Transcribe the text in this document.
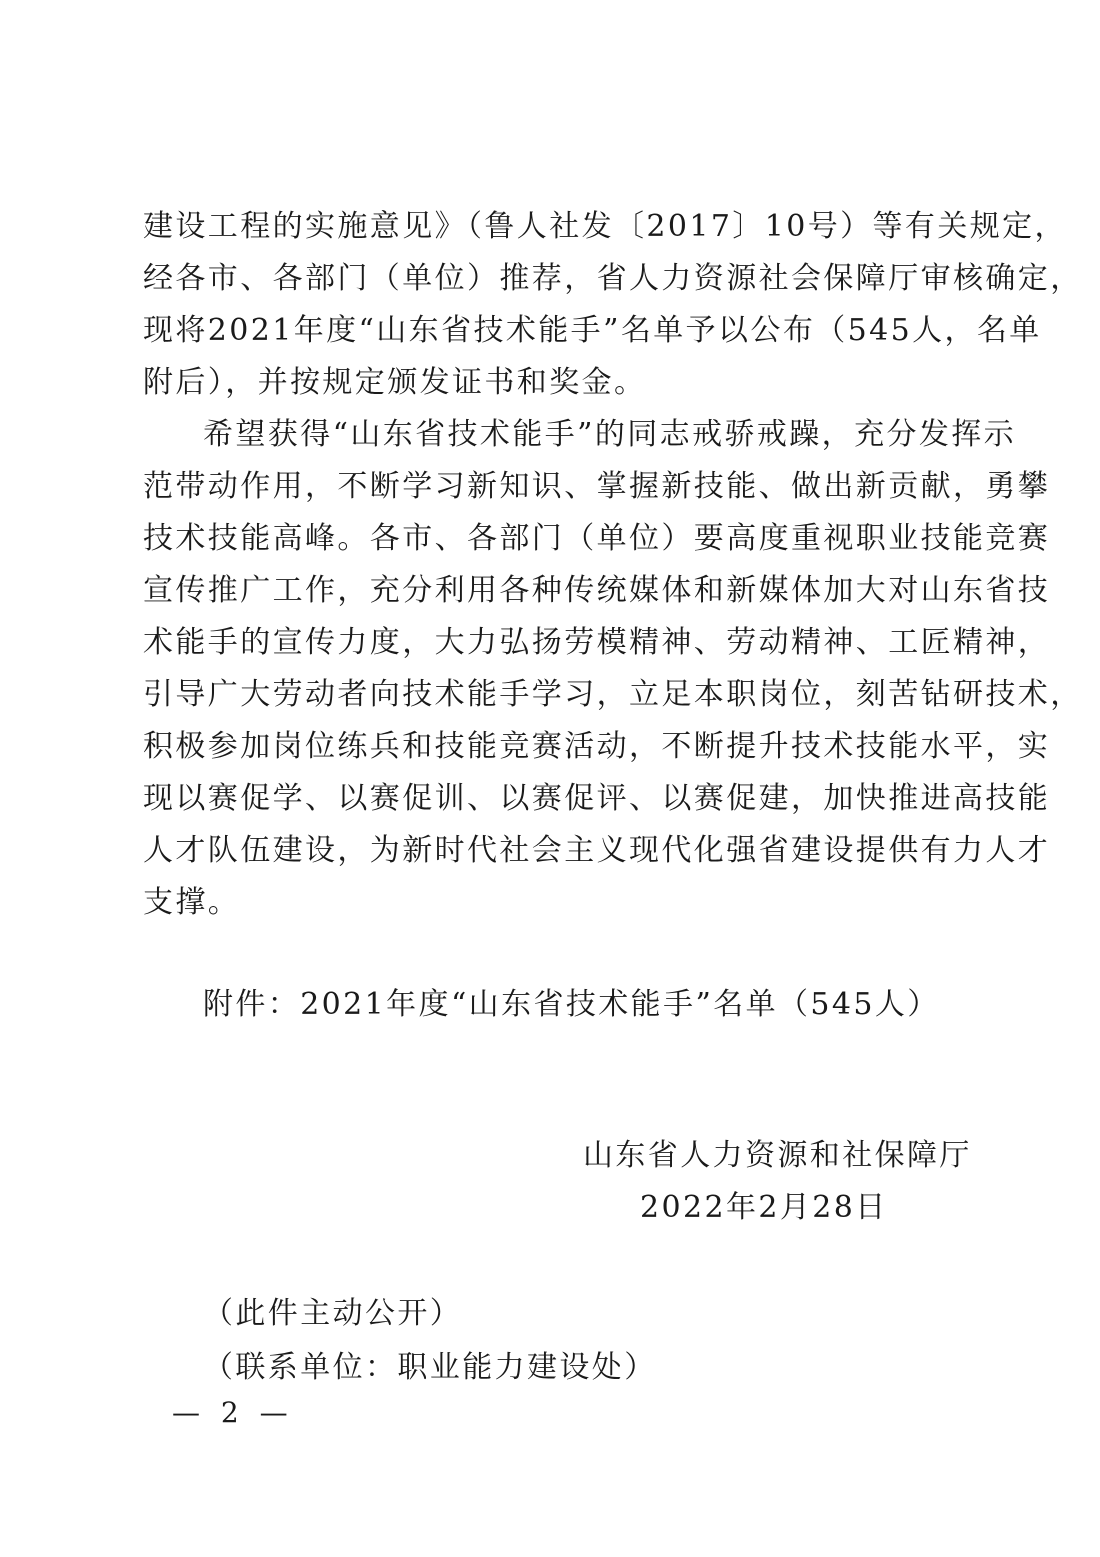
建设工程的实施意见》（鲁人社发〔2017〕10号）等有关规定，
经各市、各部门（单位）推荐，省人力资源社会保障厅审核确定，
现将2021年度“山东省技术能手”名单予以公布（545人，名单
附后），并按规定颁发证书和奖金。
希望获得“山东省技术能手”的同志戒骄戒躁，充分发挥示
范带动作用，不断学习新知识、掌握新技能、做出新贡献，勇攀
技术技能高峰。各市、各部门（单位）要高度重视职业技能竞赛
宣传推广工作，充分利用各种传统媒体和新媒体加大对山东省技
术能手的宣传力度，大力弘扬劳模精神、劳动精神、工匠精神，
引导广大劳动者向技术能手学习，立足本职岗位，刻苦钻研技术，
积极参加岗位练兵和技能竞赛活动，不断提升技术技能水平，实
现以赛促学、以赛促训、以赛促评、以赛促建，加快推进高技能
人才队伍建设，为新时代社会主义现代化强省建设提供有力人才
支撑。
附件：2021年度“山东省技术能手”名单（545人）
山东省人力资源和社保障厅
2022年2月28日
（此件主动公开）
（联系单位：职业能力建设处）
— 2 —
